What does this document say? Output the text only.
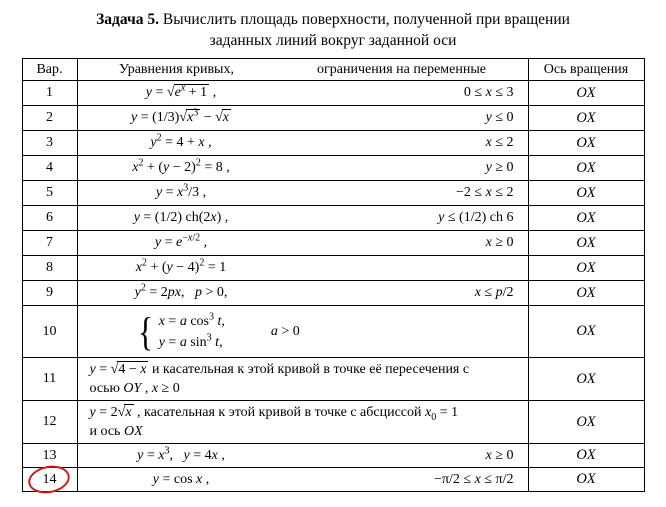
Задача 5. Вычислить площадь поверхности, полученной при вращении
заданных линий вокруг заданной оси
Вар.	Уравнения кривых, ограничения на переменные	Ось вращения
1	$y = √e^x + 1$ , 0 ≤ x ≤ 3	OX
2	$y = (1/3)√x^3 - √x$ y ≤ 0	OX
3	$y^2 = 4 + x$ , x ≤ 2	OX
4	$x^2 + (y - 2)^2 = 8$ , y ≥ 0	OX
5	$y = x^3/3$ , −2 ≤ x ≤ 2	OX
6	y = (1/2) ch(2x) , y ≤ (1/2) ch 6	OX
7	$y = e^{-x/2}$ , x ≥ 0	OX
8	$x^2 + (y - 4)^2 = 1$	OX
9	$y^2 = 2px$,   p > 0, x ≤ p/2	OX
10	{ x = a $\cos^3 t$,
y = a $\sin^3 t$,
a > 0	OX
11	y = √4 − x и касательная к этой кривой в точке её пересечения с
осью OY , x ≥ 0	OX
12	y = 2√x , касательная к этой кривой в точке с абсциссой $x_0 = 1$
и ось OX	OX
13	$y = x^3$,   y = 4x , x ≥ 0	OX
14	y = cos x , −π/2 ≤ x ≤ π/2	OX
